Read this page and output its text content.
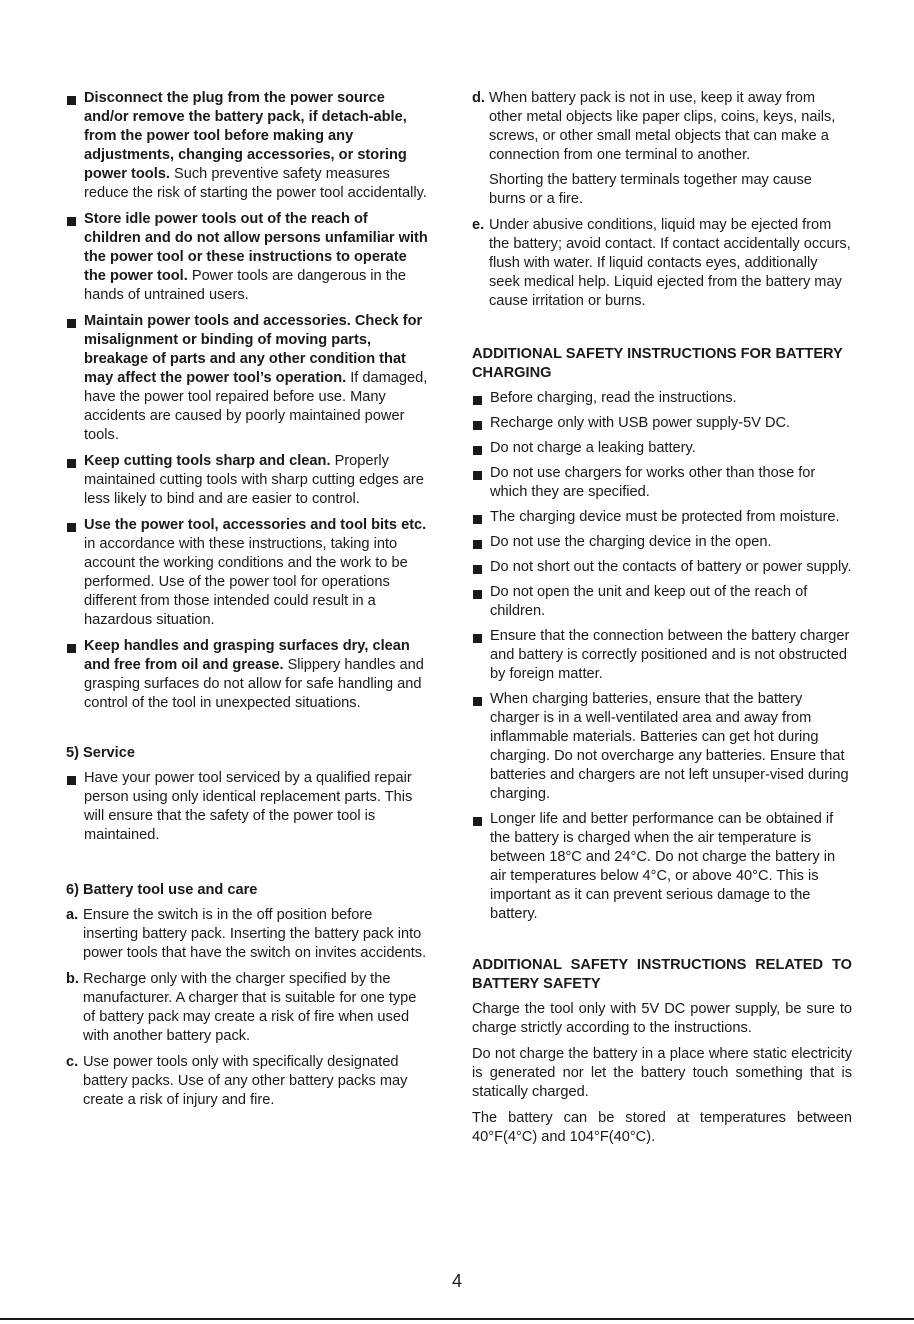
Disconnect the plug from the power source and/or remove the battery pack, if detach-able, from the power tool before making any adjustments, changing accessories, or storing power tools. Such preventive safety measures reduce the risk of starting the power tool accidentally.
Store idle power tools out of the reach of children and do not allow persons unfamiliar with the power tool or these instructions to operate the power tool. Power tools are dangerous in the hands of untrained users.
Maintain power tools and accessories. Check for misalignment or binding of moving parts, breakage of parts and any other condition that may affect the power tool’s operation. If damaged, have the power tool repaired before use. Many accidents are caused by poorly maintained power tools.
Keep cutting tools sharp and clean. Properly maintained cutting tools with sharp cutting edges are less likely to bind and are easier to control.
Use the power tool, accessories and tool bits etc. in accordance with these instructions, taking into account the working conditions and the work to be performed. Use of the power tool for operations different from those intended could result in a hazardous situation.
Keep handles and grasping surfaces dry, clean and free from oil and grease. Slippery handles and grasping surfaces do not allow for safe handling and control of the tool in unexpected situations.
5) Service
Have your power tool serviced by a qualified repair person using only identical replacement parts. This will ensure that the safety of the power tool is maintained.
6) Battery tool use and care
a. Ensure the switch is in the off position before inserting battery pack. Inserting the battery pack into power tools that have the switch on invites accidents.
b. Recharge only with the charger specified by the manufacturer. A charger that is suitable for one type of battery pack may create a risk of fire when used with another battery pack.
c. Use power tools only with specifically designated battery packs. Use of any other battery packs may create a risk of injury and fire.
d. When battery pack is not in use, keep it away from other metal objects like paper clips, coins, keys, nails, screws, or other small metal objects that can make a connection from one terminal to another.
Shorting the battery terminals together may cause burns or a fire.
e. Under abusive conditions, liquid may be ejected from the battery; avoid contact. If contact accidentally occurs, flush with water. If liquid contacts eyes, additionally seek medical help. Liquid ejected from the battery may cause irritation or burns.
ADDITIONAL SAFETY INSTRUCTIONS FOR BATTERY CHARGING
Before charging, read the instructions.
Recharge only with USB power supply-5V DC.
Do not charge a leaking battery.
Do not use chargers for works other than those for which they are specified.
The charging device must be protected from moisture.
Do not use the charging device in the open.
Do not short out the contacts of battery or power supply.
Do not open the unit and keep out of the reach of children.
Ensure that the connection between the battery charger and battery is correctly positioned and is not obstructed by foreign matter.
When charging batteries, ensure that the battery charger is in a well-ventilated area and away from inflammable materials. Batteries can get hot during charging. Do not overcharge any batteries. Ensure that batteries and chargers are not left unsuper-vised during charging.
Longer life and better performance can be obtained if the battery is charged when the air temperature is between 18°C and 24°C. Do not charge the battery in air temperatures below 4°C, or above 40°C. This is important as it can prevent serious damage to the battery.
ADDITIONAL SAFETY INSTRUCTIONS RELATED TO BATTERY SAFETY
Charge the tool only with 5V DC power supply, be sure to charge strictly according to the instructions.
Do not charge the battery in a place where static electricity is generated nor let the battery touch something that is statically charged.
The battery can be stored at temperatures between 40°F(4°C) and 104°F(40°C).
4
